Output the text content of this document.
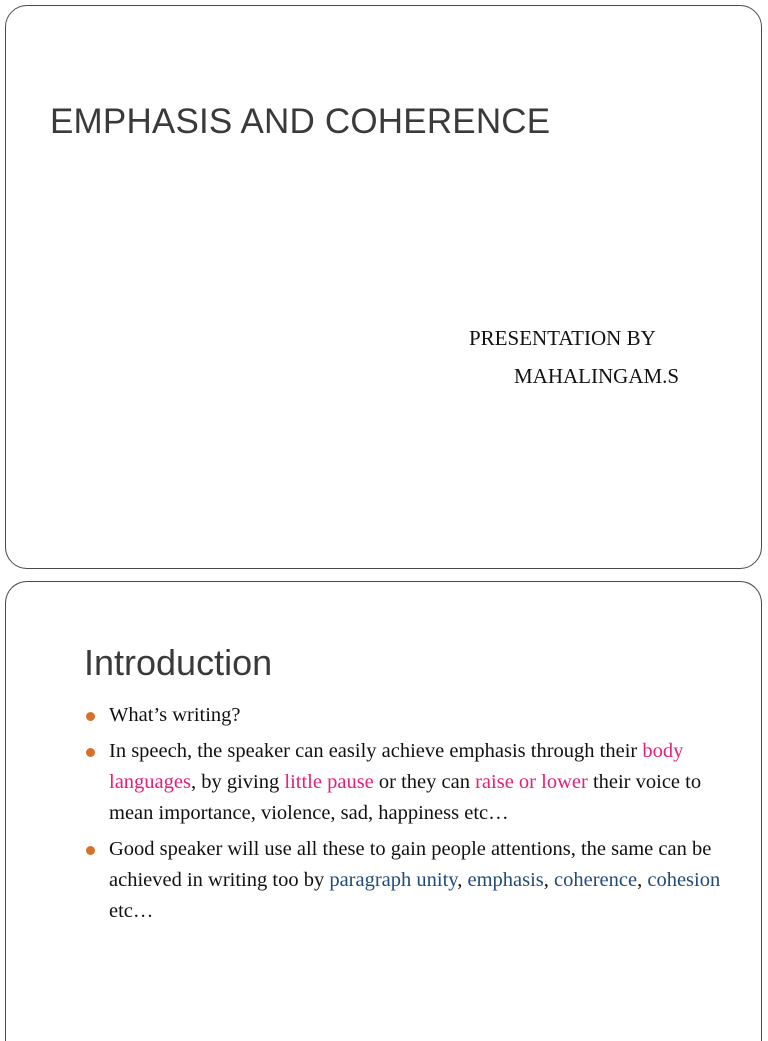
EMPHASIS AND COHERENCE
PRESENTATION BY
MAHALINGAM.S
Introduction
What’s writing?
In speech, the speaker can easily achieve emphasis through their body languages, by giving little pause or they can raise or lower their voice to mean importance, violence, sad, happiness etc…
Good speaker will use all these to gain people attentions, the same can be achieved in writing too by paragraph unity, emphasis, coherence, cohesion etc…
